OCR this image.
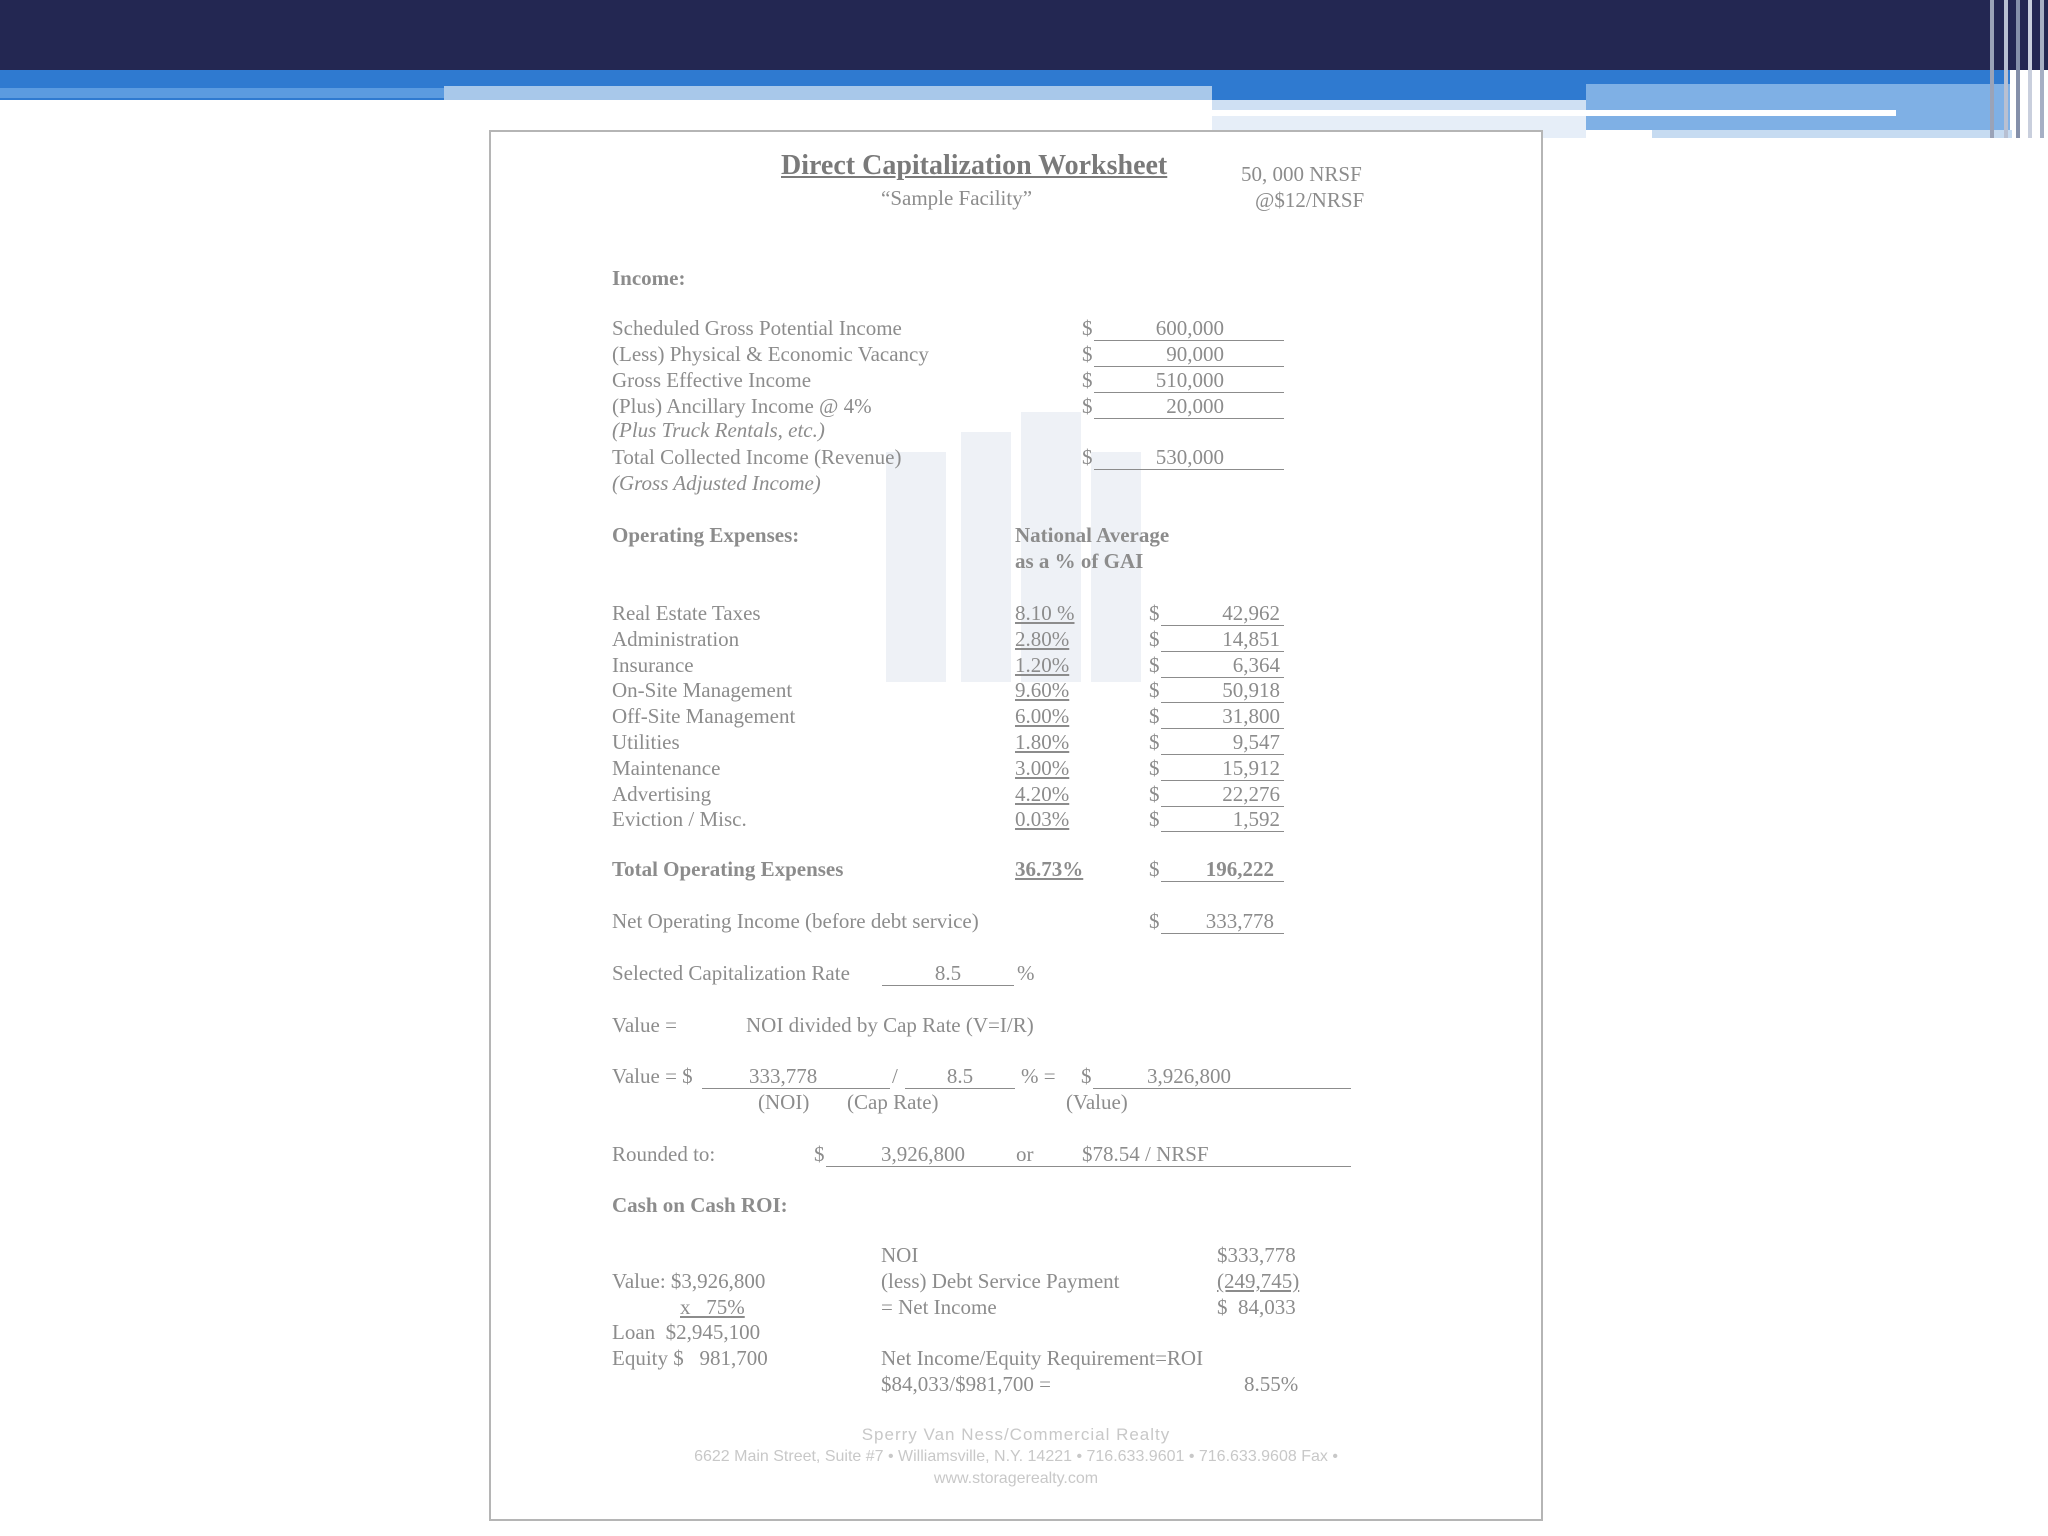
Direct Capitalization Worksheet
“Sample Facility”
50, 000 NRSF
@$12/NRSF
Income:
Scheduled Gross Potential Income	$	600,000
(Less) Physical & Economic Vacancy	$	90,000
Gross Effective Income	$	510,000
(Plus) Ancillary Income @ 4%	$	20,000
(Plus Truck Rentals, etc.)
Total Collected Income (Revenue)	$	530,000
(Gross Adjusted Income)
Operating Expenses:	National Average
as a % of GAI
Total Operating Expenses	36.73%	$	196,222
Net Operating Income (before debt service)	$	333,778
Selected Capitalization Rate	8.5	%
Value =	NOI divided by Cap Rate (V=I/R)
Value = $	333,778	/	8.5	% = $	3,926,800
(NOI) (Cap Rate)	(Value)
Rounded to:	$	3,926,800 or $78.54 / NRSF

Cash on Cash ROI:
Value: $3,926,800
x   75%
Loan  $2,945,100
Equity $   981,700
NOI	$333,778
(less) Debt Service Payment	(249,745)
= Net Income	$  84,033
Net Income/Equity Requirement=ROI
$84,033/$981,700 =	8.55%
Sperry Van Ness/Commercial Realty
6622 Main Street, Suite #7 • Williamsville, N.Y. 14221 • 716.633.9601 • 716.633.9608 Fax •
www.storagerealty.com
Real Estate Taxes	8.10 %	$	42,962
Administration	2.80%	$	14,851
Insurance	1.20%	$	6,364
On-Site Management	9.60%	$	50,918
Off-Site Management	6.00%	$	31,800
Utilities	1.80%	$	9,547
Maintenance	3.00%	$	15,912
Advertising	4.20%	$	22,276
Eviction / Misc.	0.03%	$	1,592
